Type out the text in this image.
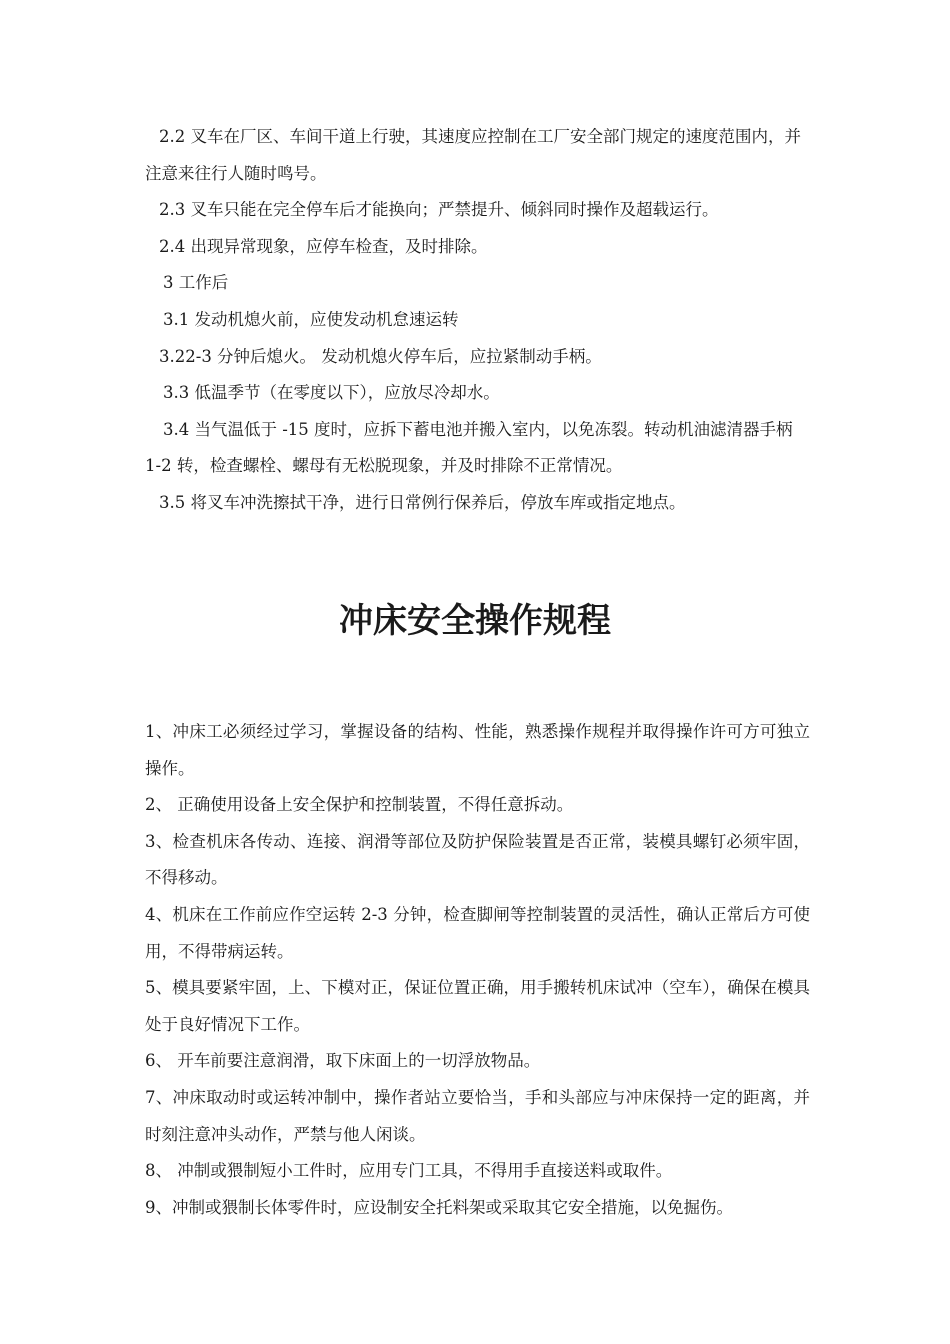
2.2 叉车在厂区、车间干道上行驶，其速度应控制在工厂安全部门规定的速度范围内，并注意来往行人随时鸣号。

2.3 叉车只能在完全停车后才能换向；严禁提升、倾斜同时操作及超载运行。

2.4 出现异常现象，应停车检查，及时排除。

3 工作后

3.1 发动机熄火前，应使发动机怠速运转

3.22-3 分钟后熄火。 发动机熄火停车后，应拉紧制动手柄。

3.3 低温季节（在零度以下），应放尽冷却水。

3.4 当气温低于 -15 度时，应拆下蓄电池并搬入室内，以免冻裂。转动机油滤清器手柄 1-2 转，检查螺栓、螺母有无松脱现象，并及时排除不正常情况。

3.5 将叉车冲洗擦拭干净，进行日常例行保养后，停放车库或指定地点。

冲床安全操作规程

1、冲床工必须经过学习，掌握设备的结构、性能，熟悉操作规程并取得操作许可方可独立操作。

2、 正确使用设备上安全保护和控制装置，不得任意拆动。

3、检查机床各传动、连接、润滑等部位及防护保险装置是否正常，装模具螺钉必须牢固，不得移动。

4、机床在工作前应作空运转 2-3 分钟，检查脚闸等控制装置的灵活性，确认正常后方可使用，不得带病运转。

5、模具要紧牢固，上、下模对正，保证位置正确，用手搬转机床试冲（空车），确保在模具处于良好情况下工作。

6、 开车前要注意润滑，取下床面上的一切浮放物品。

7、冲床取动时或运转冲制中，操作者站立要恰当，手和头部应与冲床保持一定的距离，并时刻注意冲头动作，严禁与他人闲谈。

8、 冲制或猥制短小工件时，应用专门工具，不得用手直接送料或取件。

9、冲制或猥制长体零件时，应设制安全托料架或采取其它安全措施，以免掘伤。
